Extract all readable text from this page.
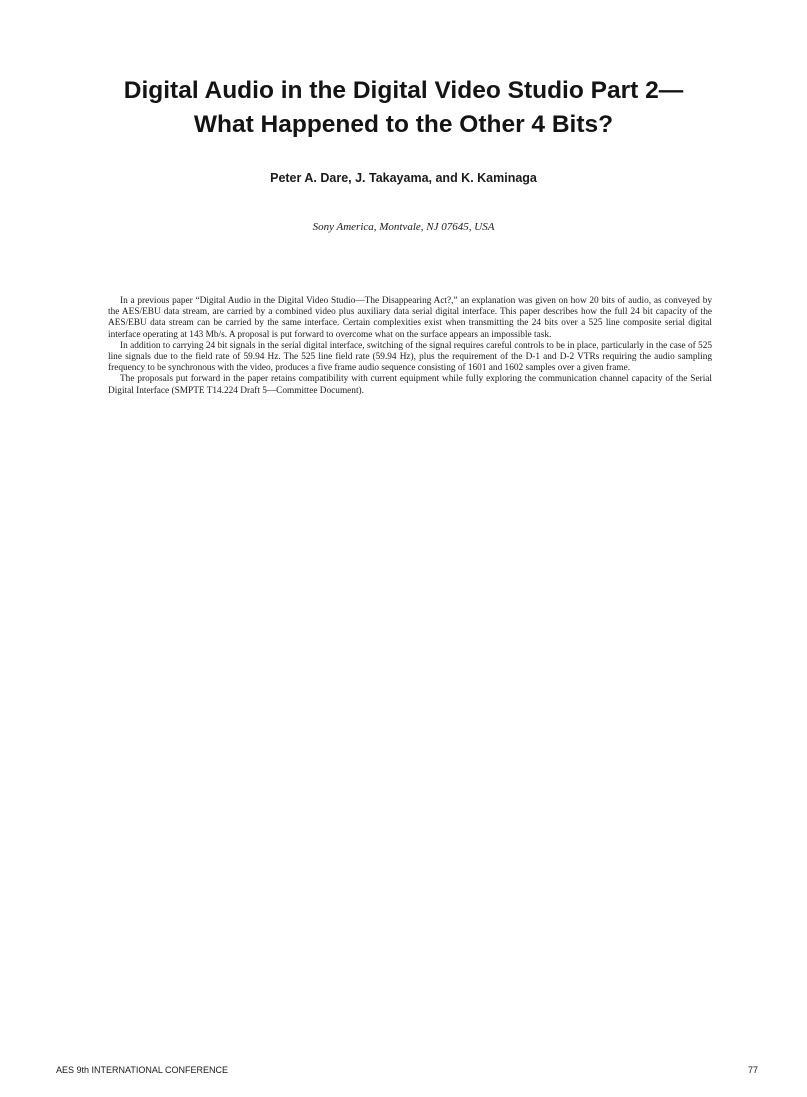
Digital Audio in the Digital Video Studio Part 2—
What Happened to the Other 4 Bits?
Peter A. Dare, J. Takayama, and K. Kaminaga
Sony America, Montvale, NJ 07645, USA

In a previous paper “Digital Audio in the Digital Video Studio—The Disappearing Act?,” an explanation was given on how 20 bits of audio, as conveyed by the AES/EBU data stream, are carried by a combined video plus auxiliary data serial digital interface. This paper describes how the full 24 bit capacity of the AES/EBU data stream can be carried by the same interface. Certain complexities exist when transmitting the 24 bits over a 525 line composite serial digital interface operating at 143 Mb/s. A proposal is put forward to overcome what on the surface appears an impossible task.

In addition to carrying 24 bit signals in the serial digital interface, switching of the signal requires careful controls to be in place, particularly in the case of 525 line signals due to the field rate of 59.94 Hz. The 525 line field rate (59.94 Hz), plus the requirement of the D-1 and D-2 VTRs requiring the audio sampling frequency to be synchronous with the video, produces a five frame audio sequence consisting of 1601 and 1602 samples over a given frame.

The proposals put forward in the paper retains compatibility with current equipment while fully exploring the communication channel capacity of the Serial Digital Interface (SMPTE T14.224 Draft 5—Committee Document).

AES 9th INTERNATIONAL CONFERENCE	77
